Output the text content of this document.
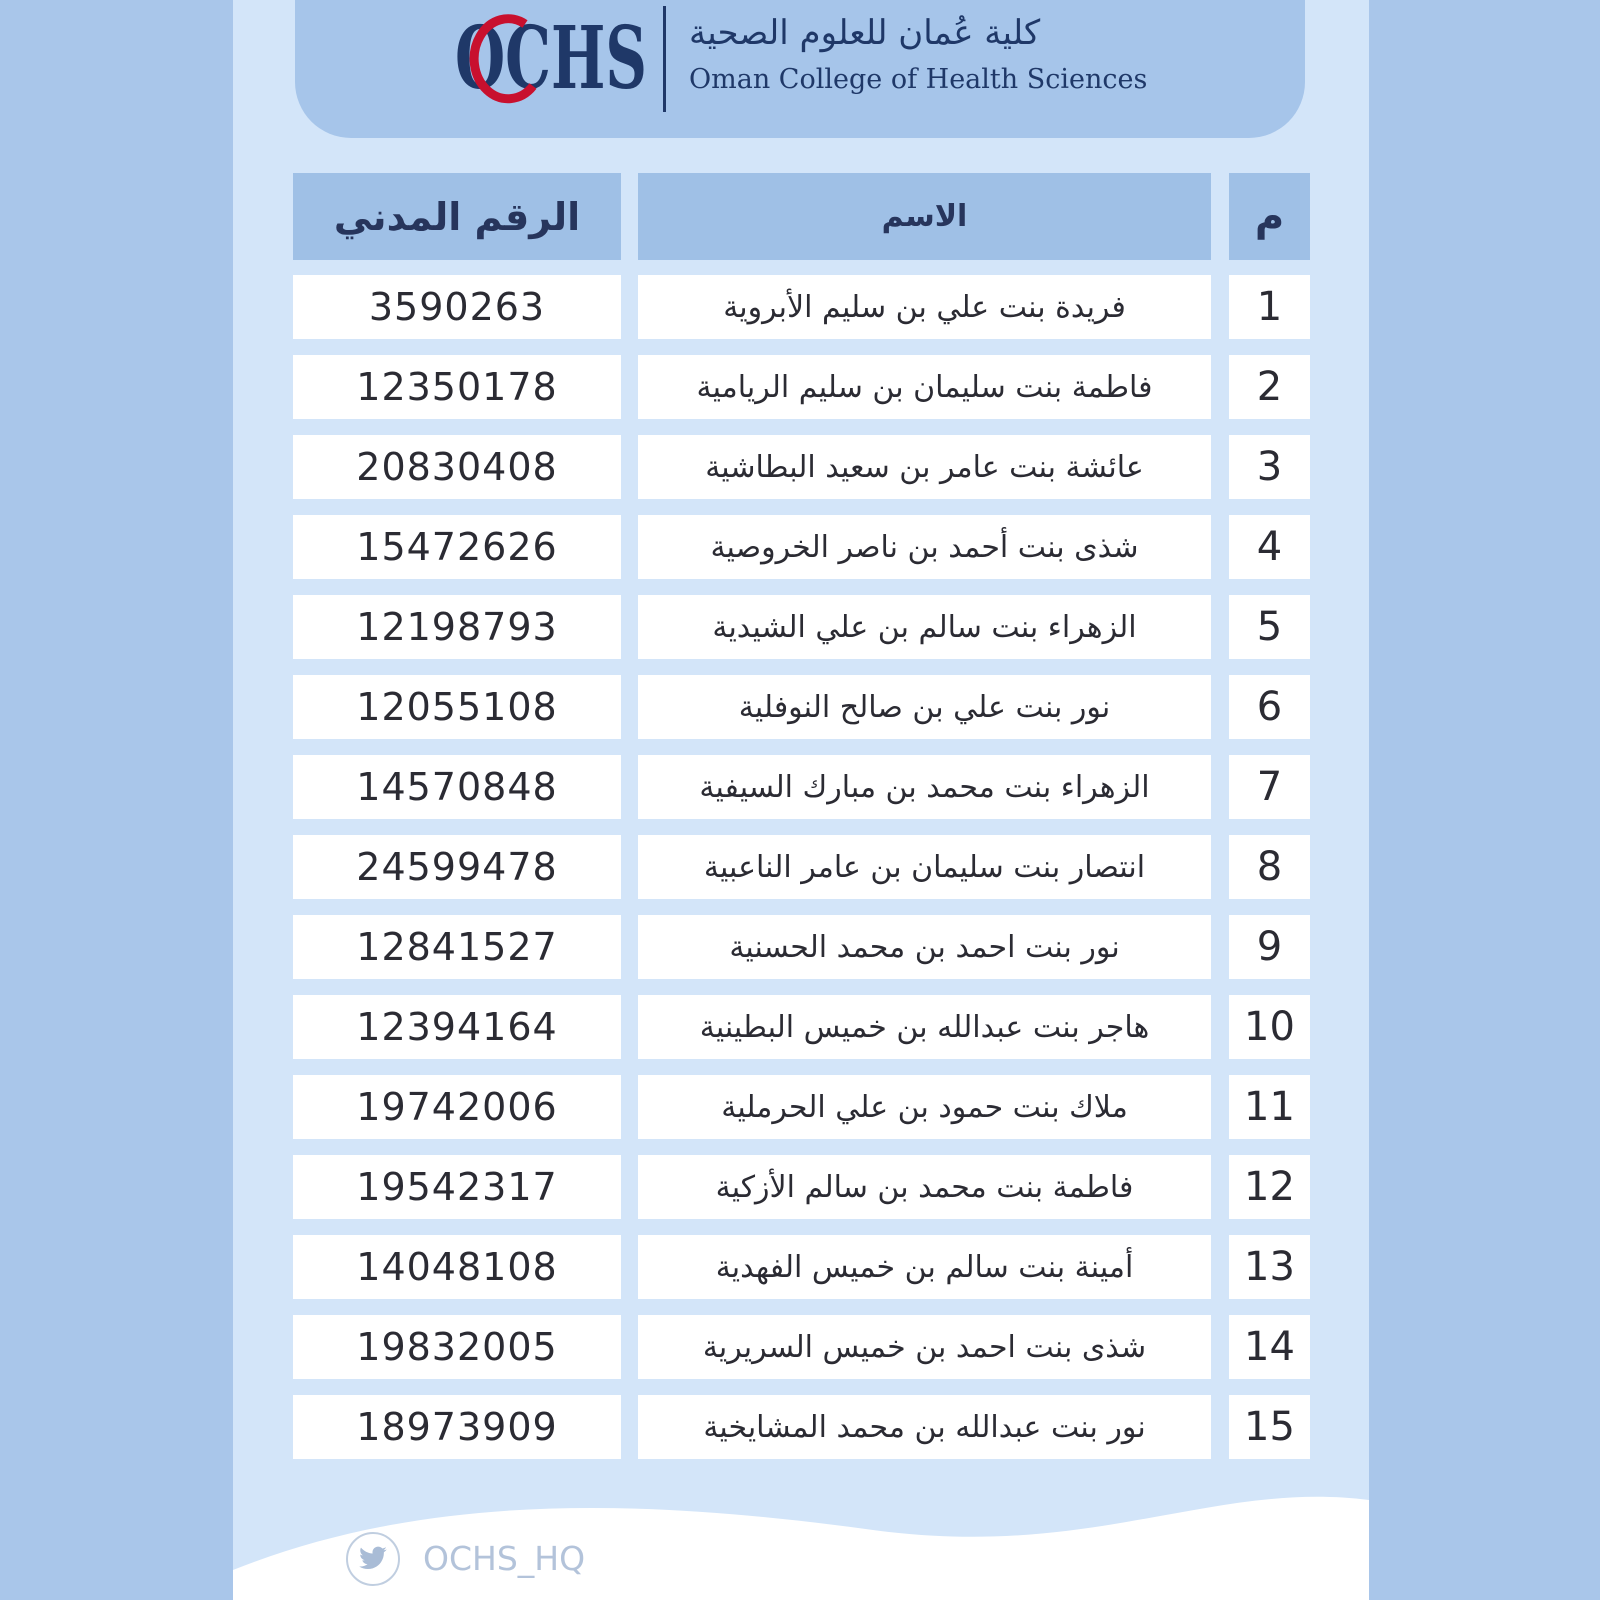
OCHS كلية عُمان للعلوم الصحية
Oman College of Health Sciences
م
الاسم
الرقم المدني
1
فريدة بنت علي بن سليم الأبروية
3590263
2
فاطمة بنت سليمان بن سليم الريامية
12350178
3
عائشة بنت عامر بن سعيد البطاشية
20830408
4
شذى بنت أحمد بن ناصر الخروصية
15472626
5
الزهراء بنت سالم بن علي الشيدية
12198793
6
نور بنت علي بن صالح النوفلية
12055108
7
الزهراء بنت محمد بن مبارك السيفية
14570848
8
انتصار بنت سليمان بن عامر الناعبية
24599478
9
نور بنت احمد بن محمد الحسنية
12841527
10
هاجر بنت عبدالله بن خميس البطينية
12394164
11
ملاك بنت حمود بن علي الحرملية
19742006
12
فاطمة بنت محمد بن سالم الأزكية
19542317
13
أمينة بنت سالم بن خميس الفهدية
14048108
14
شذى بنت احمد بن خميس السريرية
19832005
15
نور بنت عبدالله بن محمد المشايخية
18973909
OCHS_HQ
